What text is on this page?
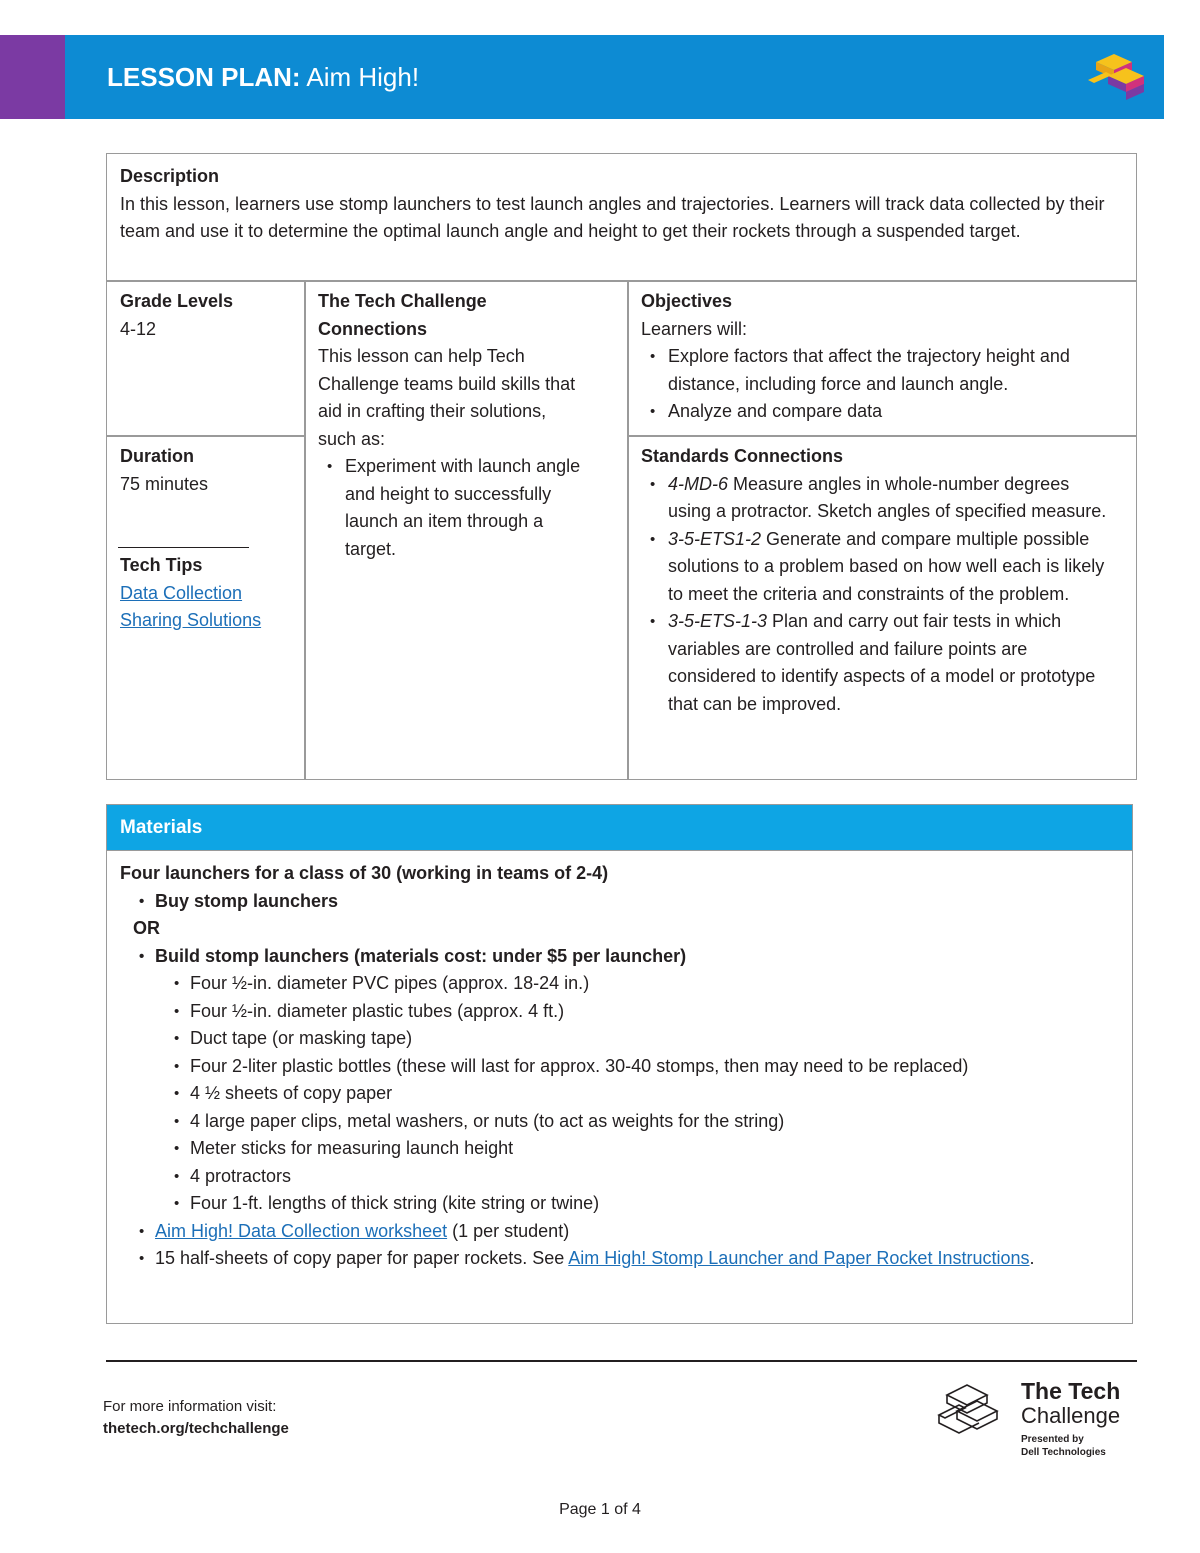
LESSON PLAN: Aim High!
Description
In this lesson, learners use stomp launchers to test launch angles and trajectories. Learners will track data collected by their team and use it to determine the optimal launch angle and height to get their rockets through a suspended target.
Grade Levels
4-12
Duration
75 minutes
Tech Tips
Data Collection
Sharing Solutions
The Tech Challenge Connections
This lesson can help Tech Challenge teams build skills that aid in crafting their solutions, such as:
• Experiment with launch angle and height to successfully launch an item through a target.
Objectives
Learners will:
• Explore factors that affect the trajectory height and distance, including force and launch angle.
• Analyze and compare data
Standards Connections
• 4-MD-6 Measure angles in whole-number degrees using a protractor. Sketch angles of specified measure.
• 3-5-ETS1-2 Generate and compare multiple possible solutions to a problem based on how well each is likely to meet the criteria and constraints of the problem.
• 3-5-ETS-1-3 Plan and carry out fair tests in which variables are controlled and failure points are considered to identify aspects of a model or prototype that can be improved.
Materials
Four launchers for a class of 30 (working in teams of 2-4)
• Buy stomp launchers
OR
• Build stomp launchers (materials cost: under $5 per launcher)
• Four ½-in. diameter PVC pipes (approx. 18-24 in.)
• Four ½-in. diameter plastic tubes (approx. 4 ft.)
• Duct tape (or masking tape)
• Four 2-liter plastic bottles (these will last for approx. 30-40 stomps, then may need to be replaced)
• 4 ½ sheets of copy paper
• 4 large paper clips, metal washers, or nuts (to act as weights for the string)
• Meter sticks for measuring launch height
• 4 protractors
• Four 1-ft. lengths of thick string (kite string or twine)
• Aim High! Data Collection worksheet (1 per student)
• 15 half-sheets of copy paper for paper rockets. See Aim High! Stomp Launcher and Paper Rocket Instructions.
For more information visit:
thetech.org/techchallenge
The Tech
Challenge
Presented by
Dell Technologies
Page 1 of 4
